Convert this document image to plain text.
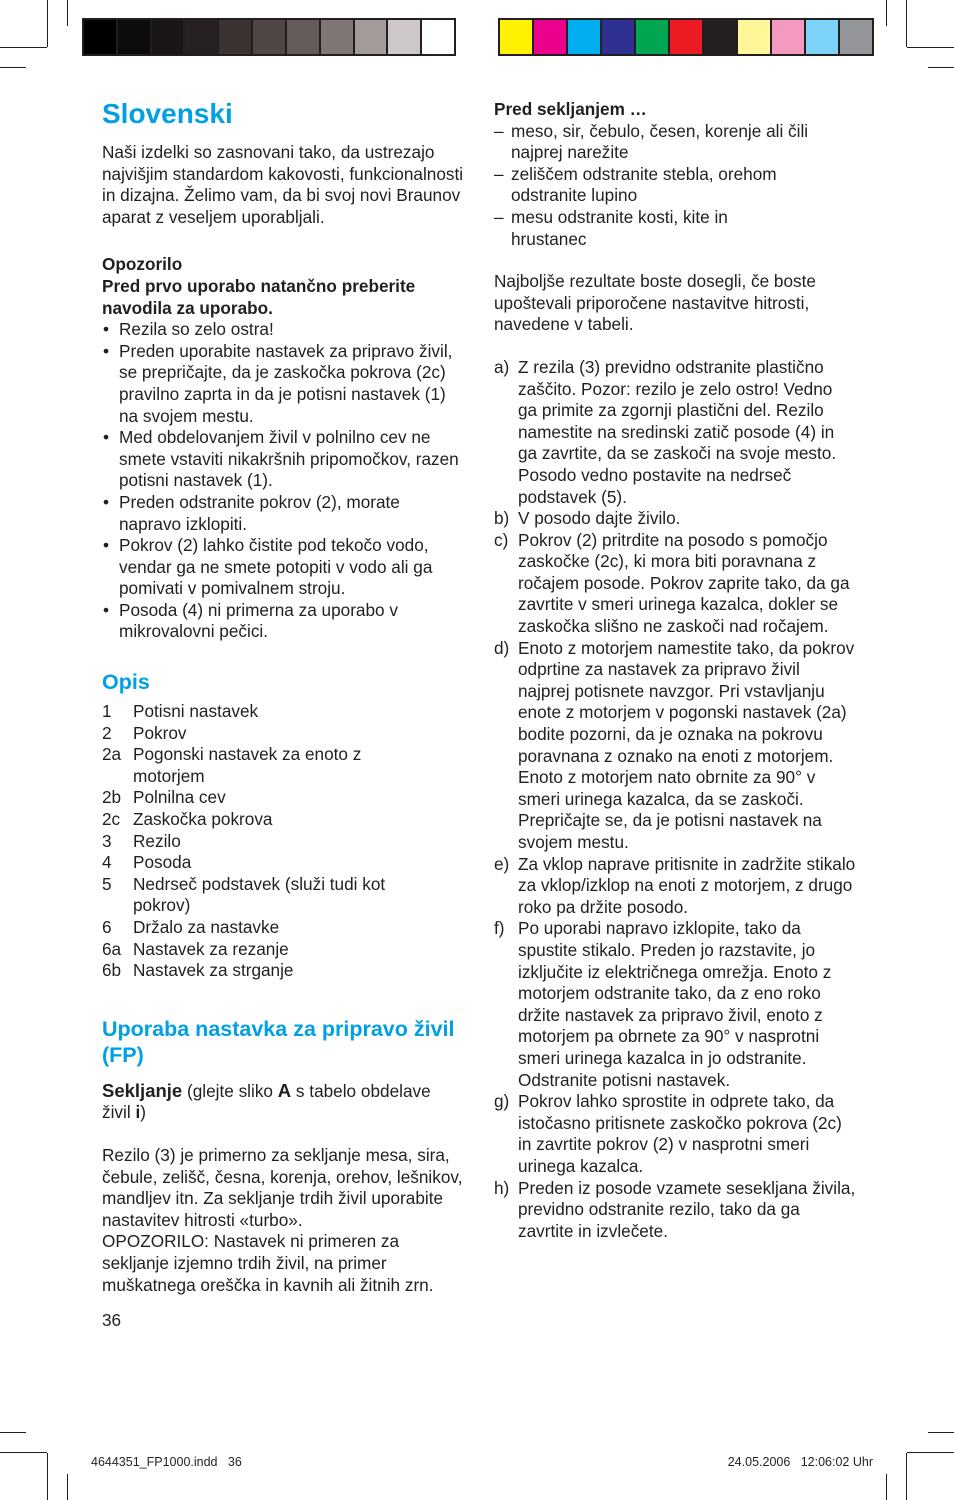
Slovenski

Naši izdelki so zasnovani tako, da ustrezajo najvišjim standardom kakovosti, funkcionalnosti in dizajna. Želimo vam, da bi svoj novi Braunov aparat z veseljem uporabljali.

Opozorilo

Pred prvo uporabo natančno preberite navodila za uporabo.

• Rezila so zelo ostra!
• Preden uporabite nastavek za pripravo živil, se prepričajte, da je zaskočka pokrova (2c) pravilno zaprta in da je potisni nastavek (1) na svojem mestu.
• Med obdelovanjem živil v polnilno cev ne smete vstaviti nikakršnih pripomočkov, razen potisni nastavek (1).
• Preden odstranite pokrov (2), morate napravo izklopiti.
• Pokrov (2) lahko čistite pod tekočo vodo, vendar ga ne smete potopiti v vodo ali ga pomivati v pomivalnem stroju.
• Posoda (4) ni primerna za uporabo v mikrovalovni pečici.
Opis
1	Potisni nastavek
2	Pokrov
2a Pogonski nastavek za enoto z motorjem
2b Polnilna cev
2c Zaskočka pokrova
3	Rezilo
4	Posoda
5	Nedrseč podstavek (služi tudi kot pokrov)
6	Držalo za nastavke
6a Nastavek za rezanje
6b Nastavek za strganje
Uporaba nastavka za pripravo živil (FP)

Sekljanje (glejte sliko A s tabelo obdelave živil i)

Rezilo (3) je primerno za sekljanje mesa, sira, čebule, zelišč, česna, korenja, orehov, lešnikov, mandljev itn. Za sekljanje trdih živil uporabite nastavitev hitrosti «turbo».

OPOZORILO: Nastavek ni primeren za sekljanje izjemno trdih živil, na primer muškatnega oreščka in kavnih ali žitnih zrn.

36

Pred sekljanjem …

– meso, sir, čebulo, česen, korenje ali čili najprej narežite
– zeliščem odstranite stebla, orehom odstranite lupino
– mesu odstranite kosti, kite in hrustanec

Najboljše rezultate boste dosegli, če boste upoštevali priporočene nastavitve hitrosti, navedene v tabeli.

a) Z rezila (3) previdno odstranite plastično zaščito. Pozor: rezilo je zelo ostro! Vedno ga primite za zgornji plastični del. Rezilo namestite na sredinski zatič posode (4) in ga zavrtite, da se zaskoči na svoje mesto. Posodo vedno postavite na nedrseč podstavek (5).
b) V posodo dajte živilo.
c) Pokrov (2) pritrdite na posodo s pomočjo zaskočke (2c), ki mora biti poravnana z ročajem posode. Pokrov zaprite tako, da ga zavrtite v smeri urinega kazalca, dokler se zaskočka slišno ne zaskoči nad ročajem.
d) Enoto z motorjem namestite tako, da pokrov odprtine za nastavek za pripravo živil najprej potisnete navzgor. Pri vstavljanju enote z motorjem v pogonski nastavek (2a) bodite pozorni, da je oznaka na pokrovu poravnana z oznako na enoti z motorjem. Enoto z motorjem nato obrnite za 90° v smeri urinega kazalca, da se zaskoči. Prepričajte se, da je potisni nastavek na svojem mestu.
e) Za vklop naprave pritisnite in zadržite stikalo za vklop/izklop na enoti z motorjem, z drugo roko pa držite posodo.
f) Po uporabi napravo izklopite, tako da spustite stikalo. Preden jo razstavite, jo izključite iz električnega omrežja. Enoto z motorjem odstranite tako, da z eno roko držite nastavek za pripravo živil, enoto z motorjem pa obrnete za 90° v nasprotni smeri urinega kazalca in jo odstranite. Odstranite potisni nastavek.
g) Pokrov lahko sprostite in odprete tako, da istočasno pritisnete zaskočko pokrova (2c) in zavrtite pokrov (2) v nasprotni smeri urinega kazalca.
h) Preden iz posode vzamete sesekljana živila, previdno odstranite rezilo, tako da ga zavrtite in izvlečete.
4644351_FP1000.indd   36	24.05.2006   12:06:02 Uhr
